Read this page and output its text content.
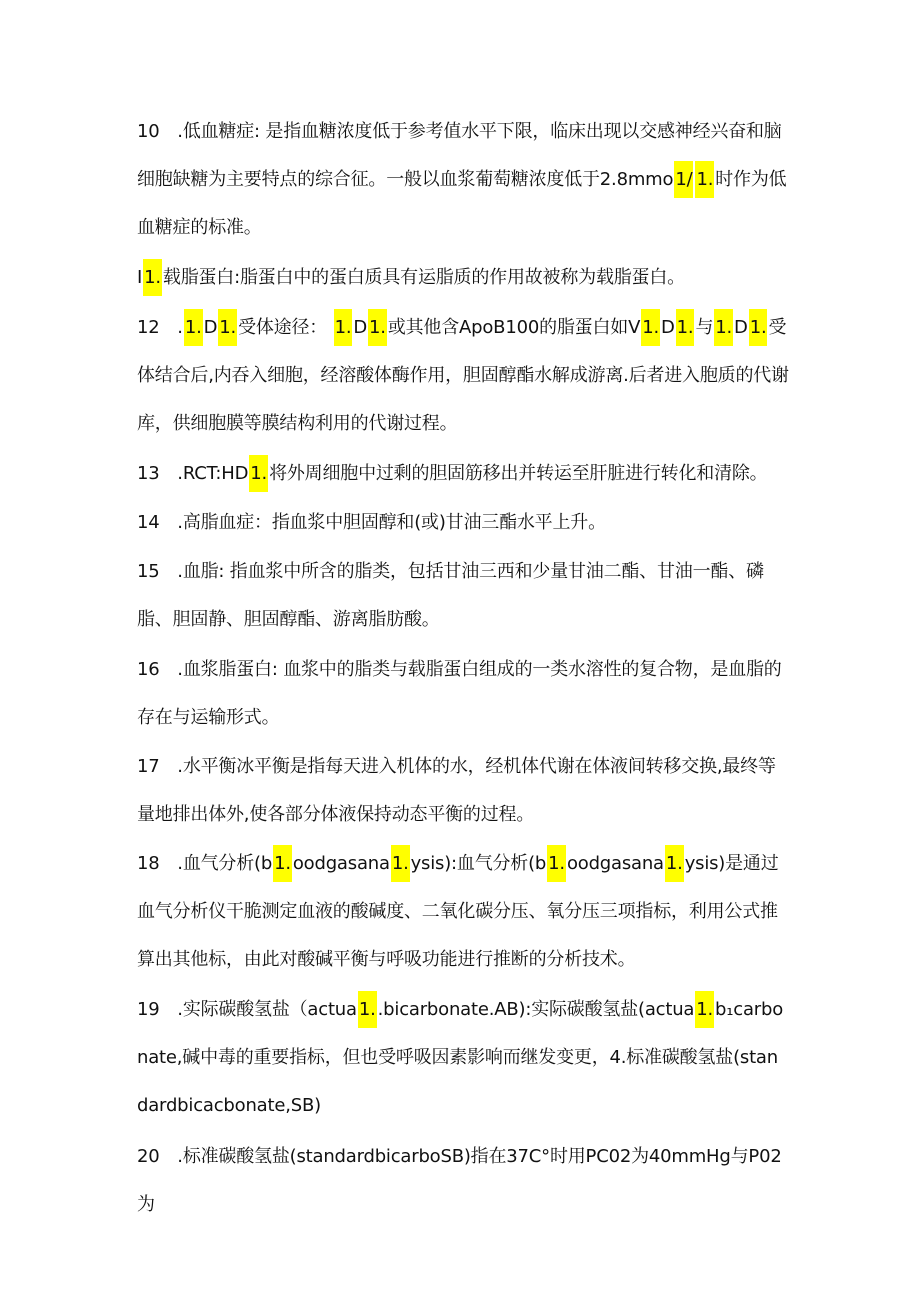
10　.低血糖症: 是指血糖浓度低于参考值水平下限，临床出现以交感神经兴奋和脑细胞缺糖为主要特点的综合征。一般以血浆葡萄糖浓度低于2.8mmo 1/ 1. 时作为低血糖症的标准。
I 1. 载脂蛋白:脂蛋白中的蛋白质具有运脂质的作用故被称为载脂蛋白。
12　. 1. D 1. 受体途径： 1. D 1. 或其他含ApoB100的脂蛋白如V 1. D 1. 与 1. D 1. 受体结合后,内吞入细胞，经溶酸体酶作用，胆固醇酯水解成游离.后者进入胞质的代谢库，供细胞膜等膜结构利用的代谢过程。
13　.RCT:HD 1. 将外周细胞中过剩的胆固筋移出并转运至肝脏进行转化和清除。
14　.高脂血症：指血浆中胆固醇和(或)甘油三酯水平上升。
15　.血脂: 指血浆中所含的脂类，包括甘油三西和少量甘油二酯、甘油一酯、磷脂、胆固静、胆固醇酯、游离脂肪酸。
16　.血浆脂蛋白: 血浆中的脂类与载脂蛋白组成的一类水溶性的复合物，是血脂的存在与运输形式。
17　.水平衡冰平衡是指每天进入机体的水，经机体代谢在体液间转移交换,最终等量地排出体外,使各部分体液保持动态平衡的过程。
18　.血气分析(b 1. oodgasana 1. ysis):血气分析(b 1. oodgasana 1. ysis)是通过血气分析仪干脆测定血液的酸碱度、二氧化碳分压、氧分压三项指标，利用公式推算出其他标，由此对酸碱平衡与呼吸功能进行推断的分析技术。
19　.实际碳酸氢盐（actua 1. .bicarbonate.AB):实际碳酸氢盐(actua 1. b₁carbonate,碱中毒的重要指标，但也受呼吸因素影响而继发变更，4.标准碳酸氢盐(standardbicacbonate,SB)
20　.标准碳酸氢盐(standardbicarboSB)指在37C°时用PC02为40mmHg与P02为
